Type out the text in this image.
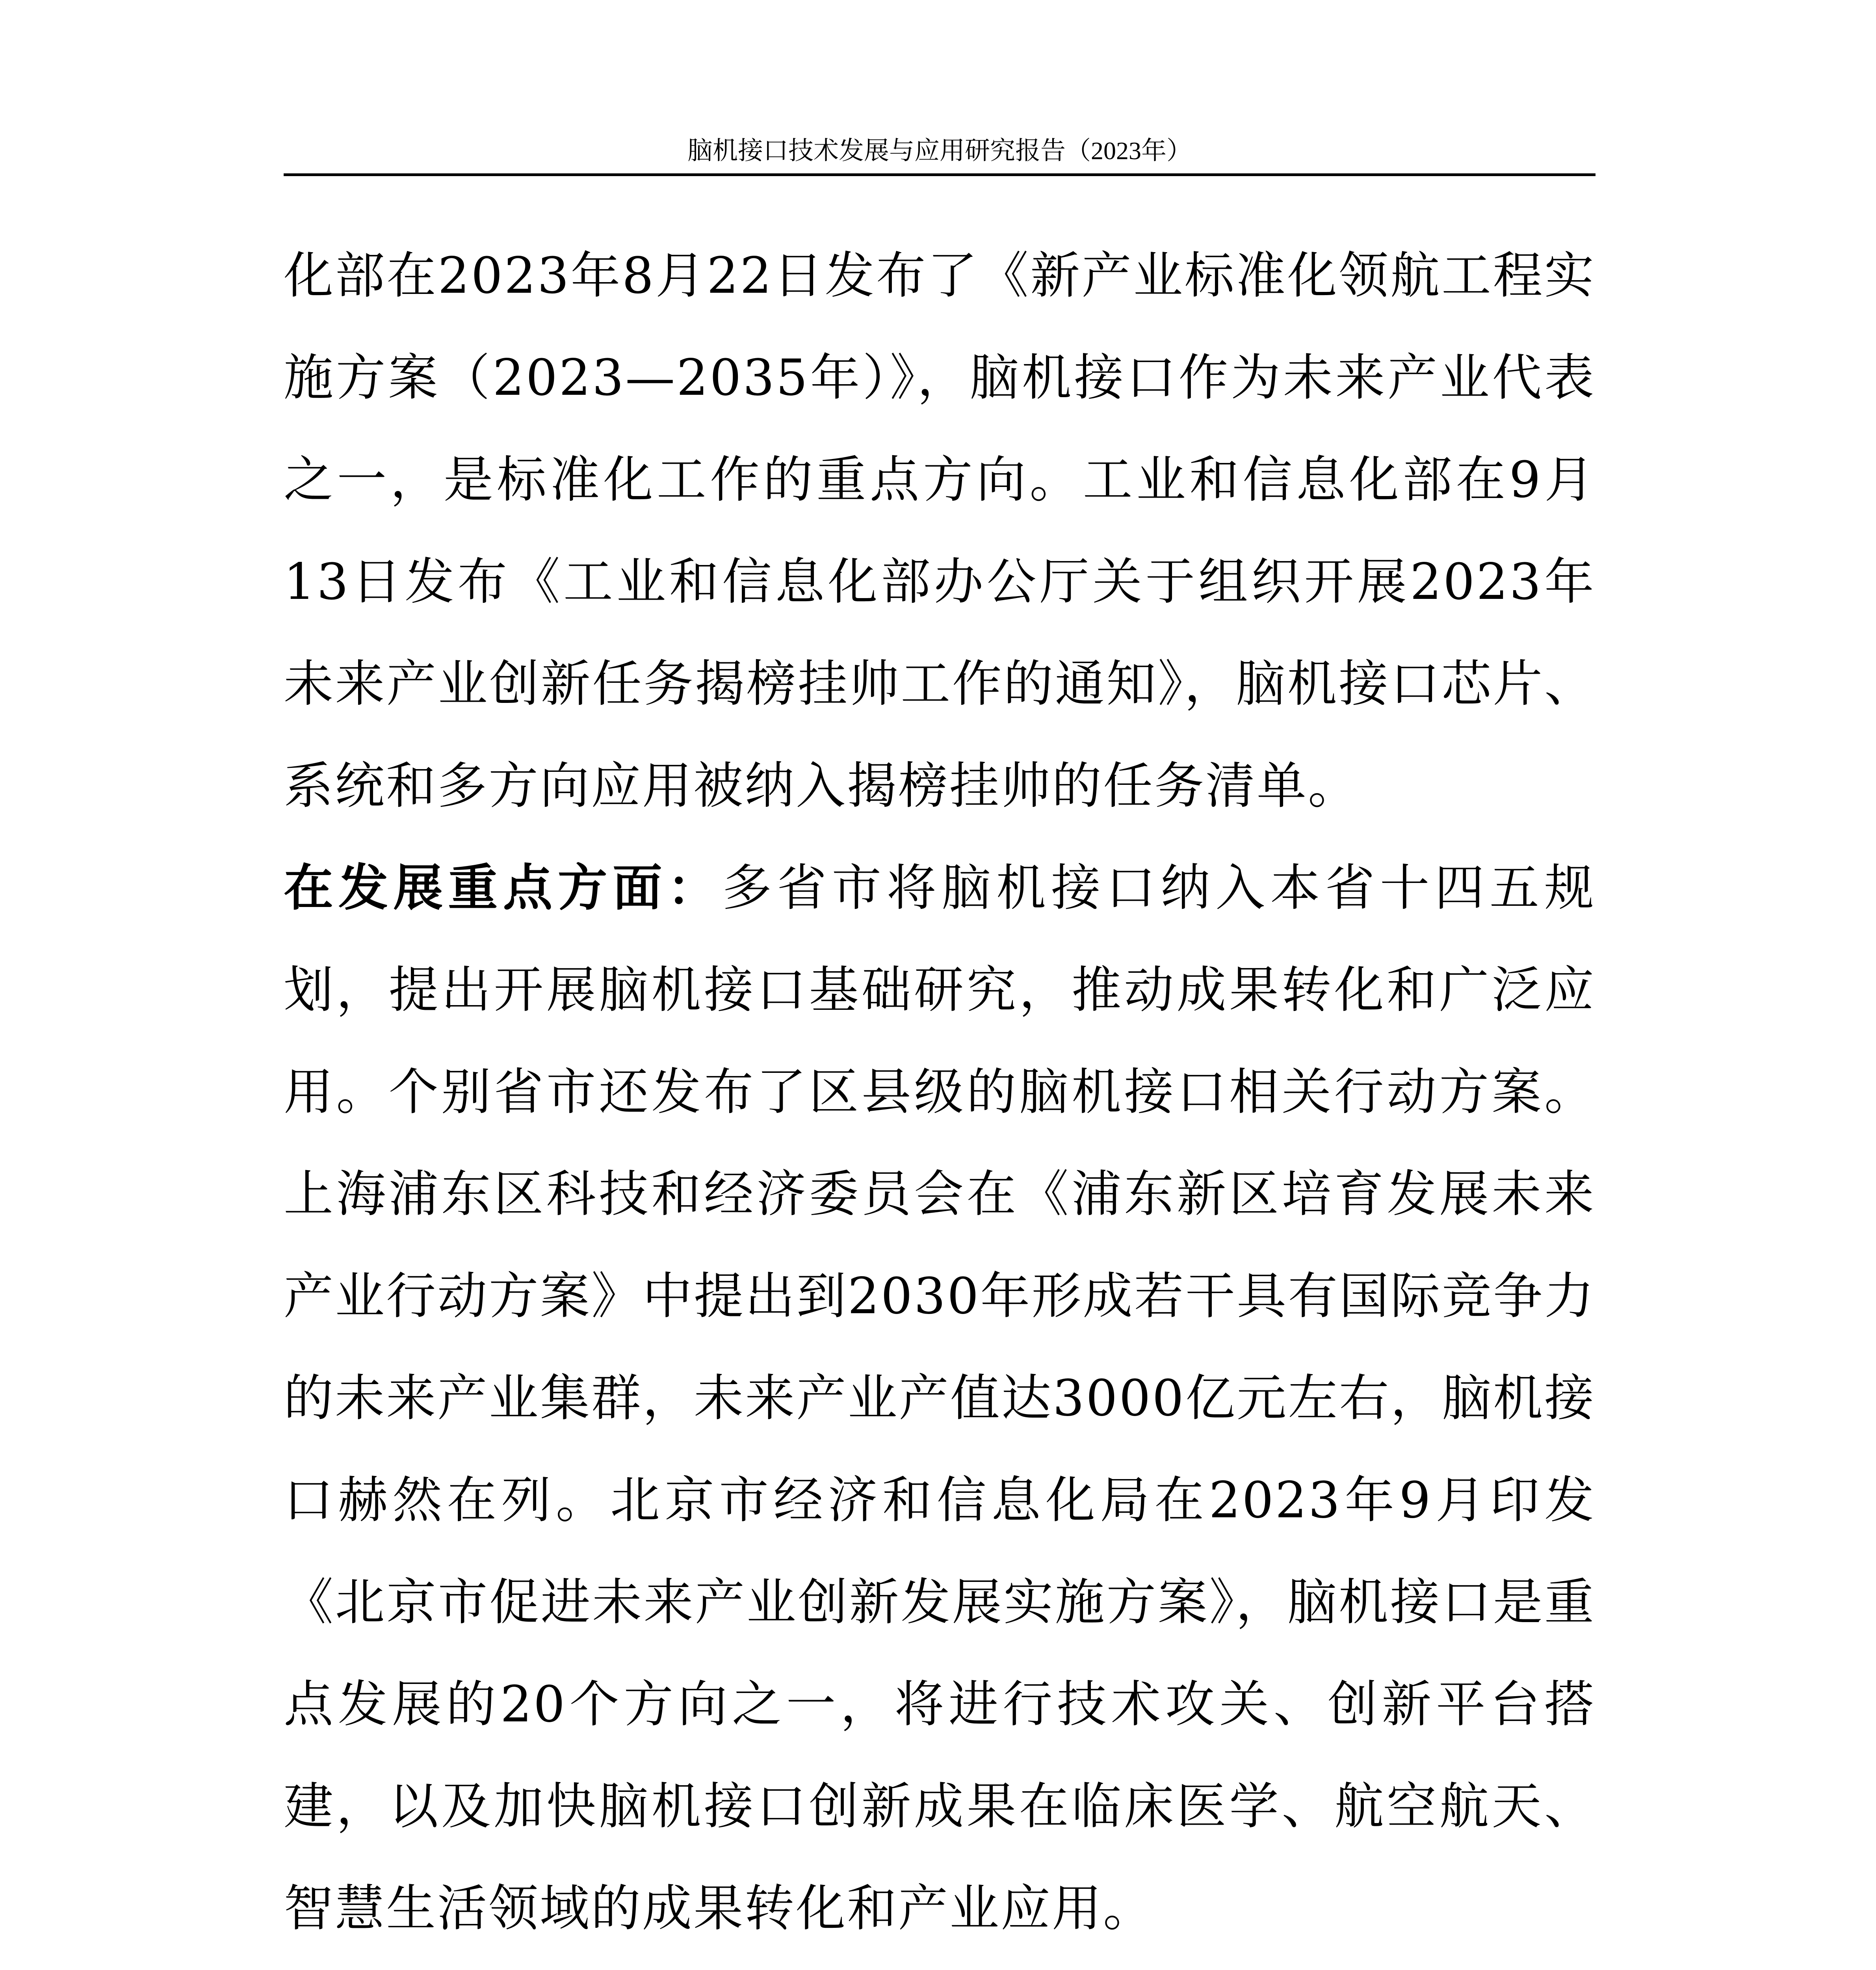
脑机接口技术发展与应用研究报告（2023年）

化部在2023年8月22日发布了《新产业标准化领航工程实施方案（2023—2035年）》，脑机接口作为未来产业代表之一，是标准化工作的重点方向。工业和信息化部在9月13日发布《工业和信息化部办公厅关于组织开展2023年未来产业创新任务揭榜挂帅工作的通知》，脑机接口芯片、系统和多方向应用被纳入揭榜挂帅的任务清单。

在发展重点方面：多省市将脑机接口纳入本省十四五规划，提出开展脑机接口基础研究，推动成果转化和广泛应用。个别省市还发布了区县级的脑机接口相关行动方案。上海浦东区科技和经济委员会在《浦东新区培育发展未来产业行动方案》中提出到2030年形成若干具有国际竞争力的未来产业集群，未来产业产值达3000亿元左右，脑机接口赫然在列。北京市经济和信息化局在2023年9月印发《北京市促进未来产业创新发展实施方案》，脑机接口是重点发展的20个方向之一，将进行技术攻关、创新平台搭建，以及加快脑机接口创新成果在临床医学、航空航天、智慧生活领域的成果转化和产业应用。
